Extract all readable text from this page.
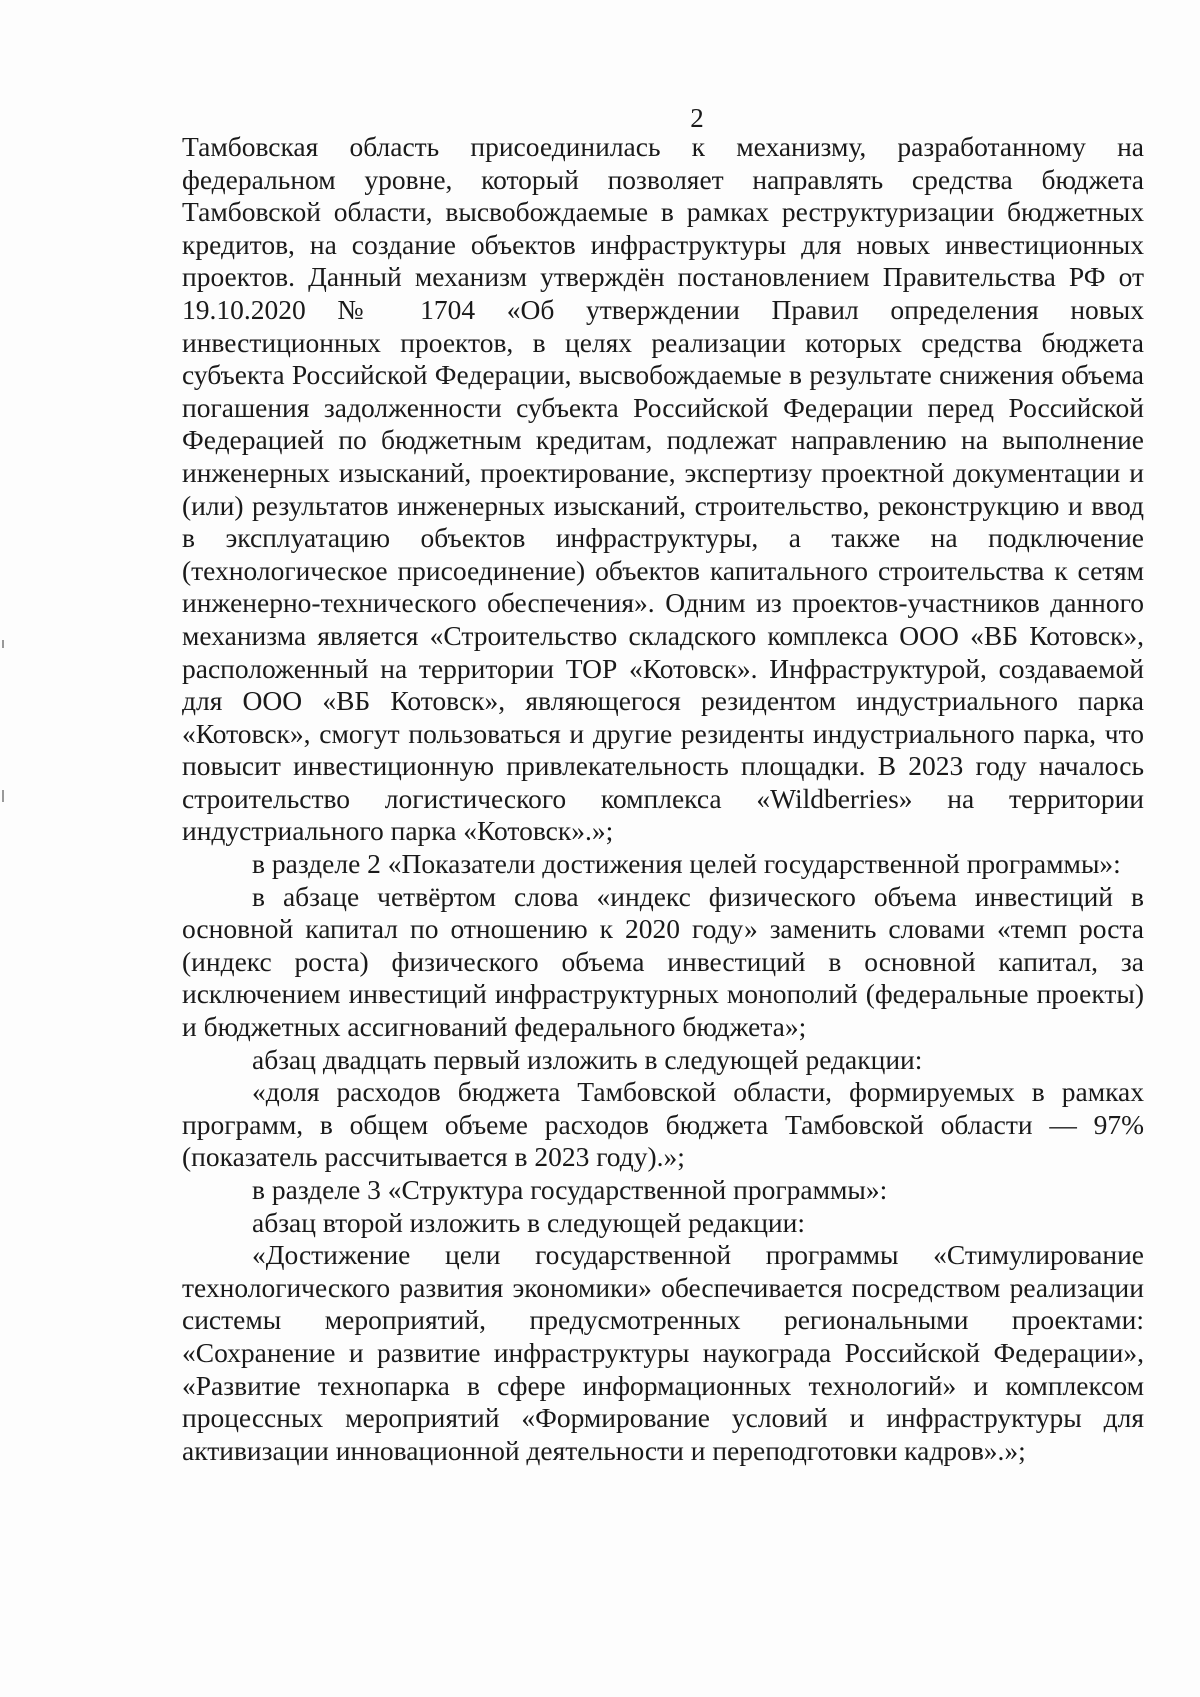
2

Тамбовская область присоединилась к механизму, разработанному на федеральном уровне, который позволяет направлять средства бюджета Тамбовской области, высвобождаемые в рамках реструктуризации бюджетных кредитов, на создание объектов инфраструктуры для новых инвестиционных проектов. Данный механизм утверждён постановлением Правительства РФ от 19.10.2020 № 1704 «Об утверждении Правил определения новых инвестиционных проектов, в целях реализации которых средства бюджета субъекта Российской Федерации, высвобождаемые в результате снижения объема погашения задолженности субъекта Российской Федерации перед Российской Федерацией по бюджетным кредитам, подлежат направлению на выполнение инженерных изысканий, проектирование, экспертизу проектной документации и (или) результатов инженерных изысканий, строительство, реконструкцию и ввод в эксплуатацию объектов инфраструктуры, а также на подключение (технологическое присоединение) объектов капитального строительства к сетям инженерно-технического обеспечения». Одним из проектов-участников данного механизма является «Строительство складского комплекса ООО «ВБ Котовск», расположенный на территории ТОР «Котовск». Инфраструктурой, создаваемой для ООО «ВБ Котовск», являющегося резидентом индустриального парка «Котовск», смогут пользоваться и другие резиденты индустриального парка, что повысит инвестиционную привлекательность площадки. В 2023 году началось строительство логистического комплекса «Wildberries» на территории индустриального парка «Котовск».»;

в разделе 2 «Показатели достижения целей государственной программы»:

в абзаце четвёртом слова «индекс физического объема инвестиций в основной капитал по отношению к 2020 году» заменить словами «темп роста (индекс роста) физического объема инвестиций в основной капитал, за исключением инвестиций инфраструктурных монополий (федеральные проекты) и бюджетных ассигнований федерального бюджета»;

абзац двадцать первый изложить в следующей редакции:

«доля расходов бюджета Тамбовской области, формируемых в рамках программ, в общем объеме расходов бюджета Тамбовской области — 97% (показатель рассчитывается в 2023 году).»;

в разделе 3 «Структура государственной программы»:

абзац второй изложить в следующей редакции:

«Достижение цели государственной программы «Стимулирование технологического развития экономики» обеспечивается посредством реализации системы мероприятий, предусмотренных региональными проектами: «Сохранение и развитие инфраструктуры наукограда Российской Федерации», «Развитие технопарка в сфере информационных технологий» и комплексом процессных мероприятий «Формирование условий и инфраструктуры для активизации инновационной деятельности и переподготовки кадров».»;
